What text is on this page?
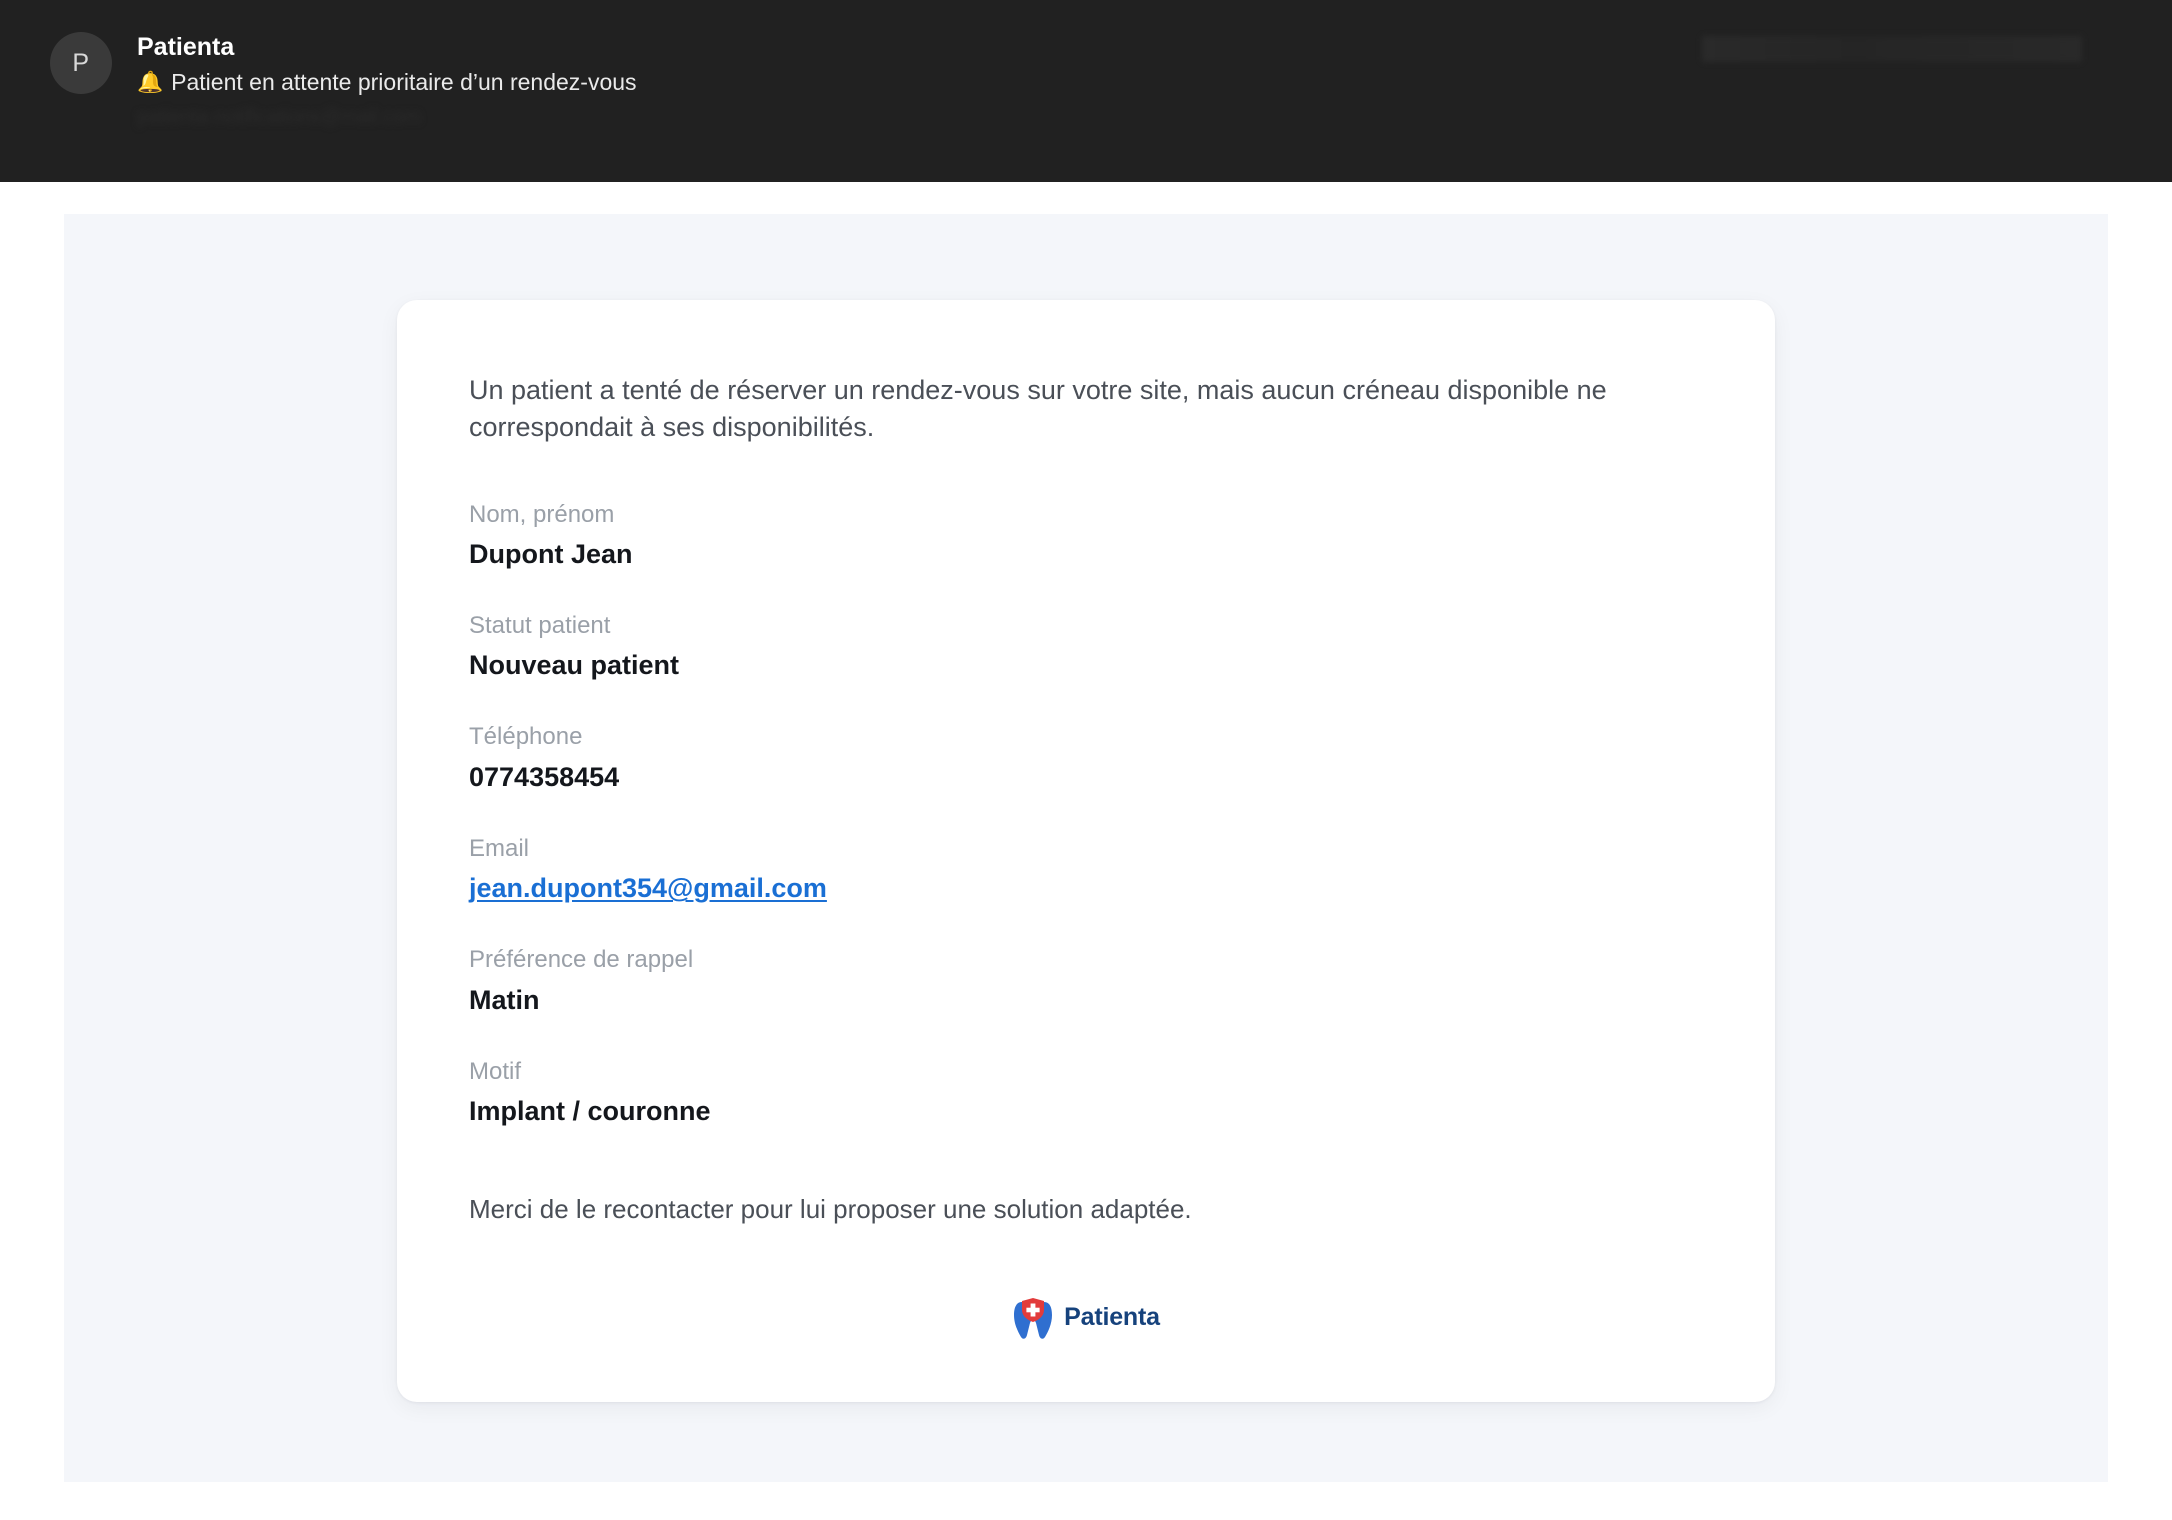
P
Patienta
🔔 Patient en attente prioritaire d’un rendez-vous
patienta-notifications@mail.com

Un patient a tenté de réserver un rendez-vous sur votre site, mais aucun créneau disponible ne correspondait à ses disponibilités.

Nom, prénom
Dupont Jean
Statut patient
Nouveau patient
Téléphone
0774358454
Email
jean.dupont354@gmail.com
Préférence de rappel
Matin
Motif
Implant / couronne

Merci de le recontacter pour lui proposer une solution adaptée.

Patienta
